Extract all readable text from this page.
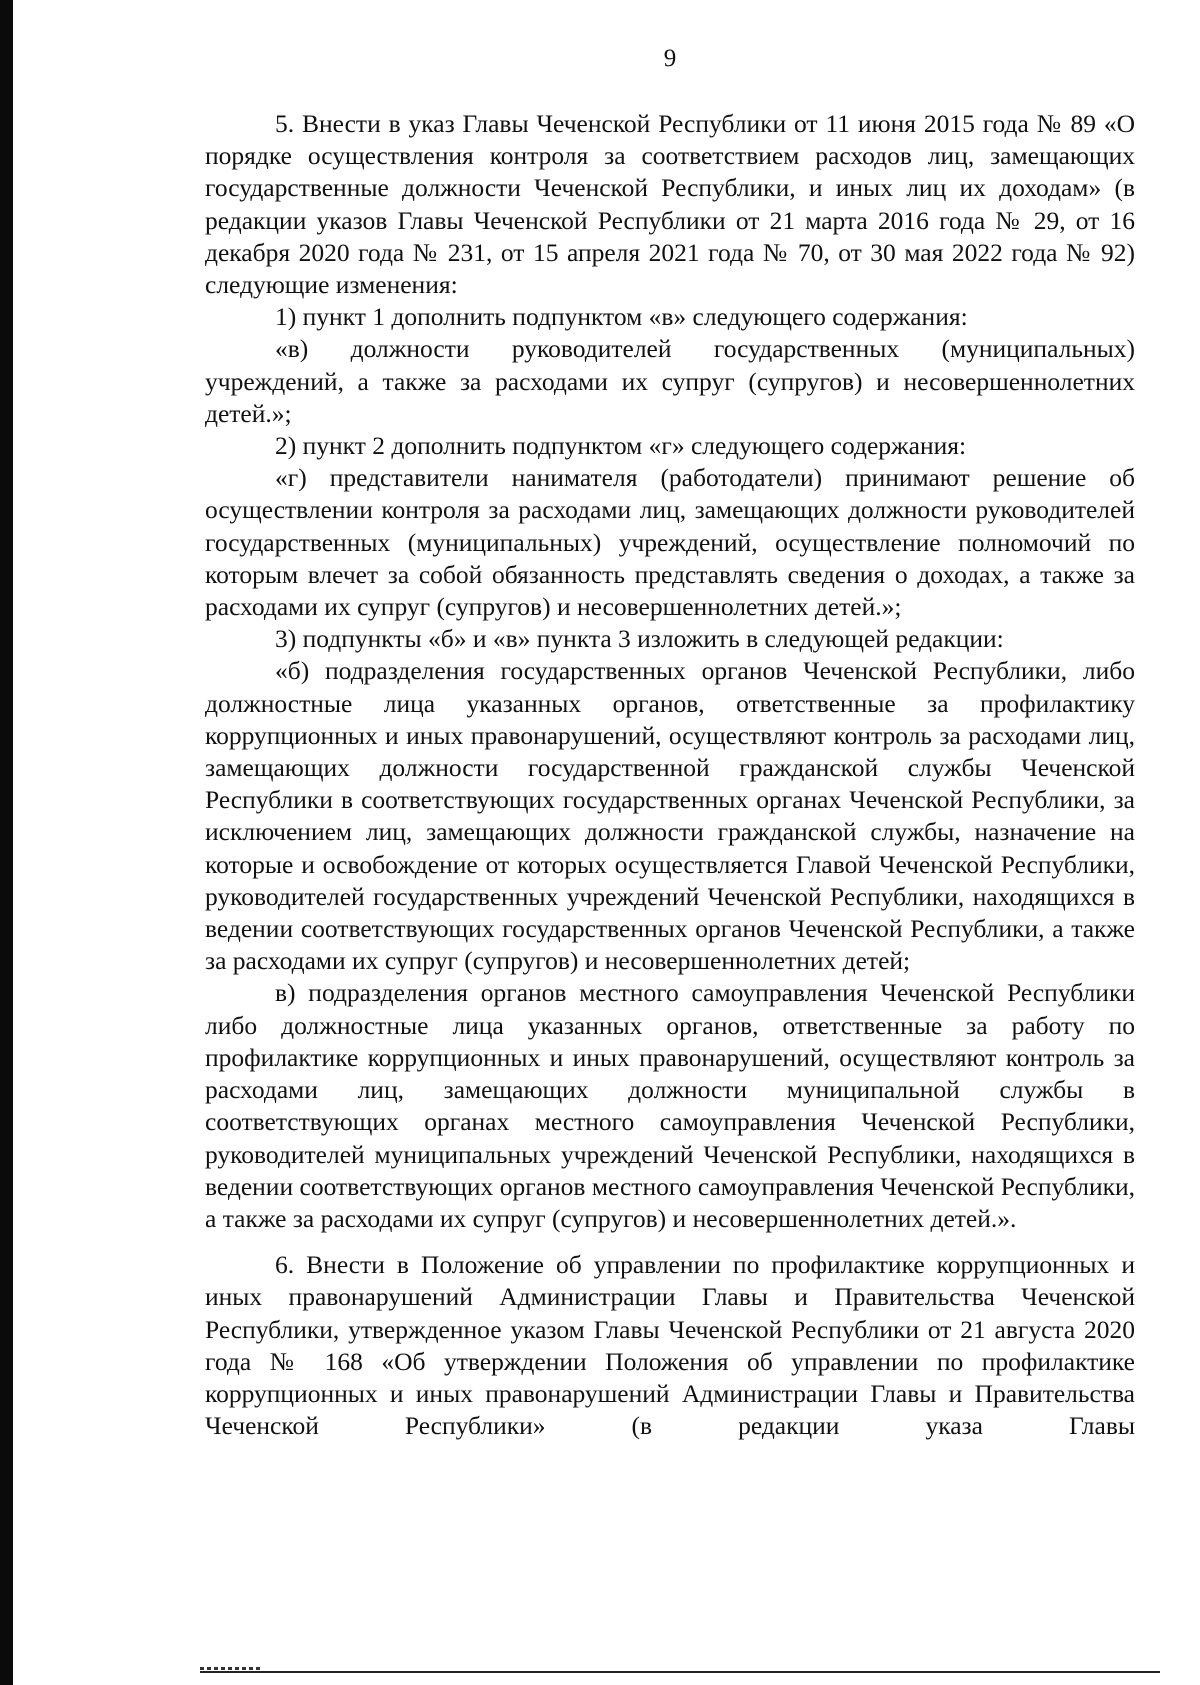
9

5. Внести в указ Главы Чеченской Республики от 11 июня 2015 года № 89 «О порядке осуществления контроля за соответствием расходов лиц, замещающих государственные должности Чеченской Республики, и иных лиц их доходам» (в редакции указов Главы Чеченской Республики от 21 марта 2016 года № 29, от 16 декабря 2020 года № 231, от 15 апреля 2021 года № 70, от 30 мая 2022 года № 92) следующие изменения:

1) пункт 1 дополнить подпунктом «в» следующего содержания:

«в) должности руководителей государственных (муниципальных) учреждений, а также за расходами их супруг (супругов) и несовершеннолетних детей.»;

2) пункт 2 дополнить подпунктом «г» следующего содержания:

«г) представители нанимателя (работодатели) принимают решение об осуществлении контроля за расходами лиц, замещающих должности руководителей государственных (муниципальных) учреждений, осуществление полномочий по которым влечет за собой обязанность представлять сведения о доходах, а также за расходами их супруг (супругов) и несовершеннолетних детей.»;

3) подпункты «б» и «в» пункта 3 изложить в следующей редакции:

«б) подразделения государственных органов Чеченской Республики, либо должностные лица указанных органов, ответственные за профилактику коррупционных и иных правонарушений, осуществляют контроль за расходами лиц, замещающих должности государственной гражданской службы Чеченской Республики в соответствующих государственных органах Чеченской Республики, за исключением лиц, замещающих должности гражданской службы, назначение на которые и освобождение от которых осуществляется Главой Чеченской Республики, руководителей государственных учреждений Чеченской Республики, находящихся в ведении соответствующих государственных органов Чеченской Республики, а также за расходами их супруг (супругов) и несовершеннолетних детей;

в) подразделения органов местного самоуправления Чеченской Республики либо должностные лица указанных органов, ответственные за работу по профилактике коррупционных и иных правонарушений, осуществляют контроль за расходами лиц, замещающих должности муниципальной службы в соответствующих органах местного самоуправления Чеченской Республики, руководителей муниципальных учреждений Чеченской Республики, находящихся в ведении соответствующих органов местного самоуправления Чеченской Республики, а также за расходами их супруг (супругов) и несовершеннолетних детей.».

6. Внести в Положение об управлении по профилактике коррупционных и иных правонарушений Администрации Главы и Правительства Чеченской Республики, утвержденное указом Главы Чеченской Республики от 21 августа 2020 года № 168 «Об утверждении Положения об управлении по профилактике коррупционных и иных правонарушений Администрации Главы и Правительства Чеченской Республики» (в редакции указа Главы
